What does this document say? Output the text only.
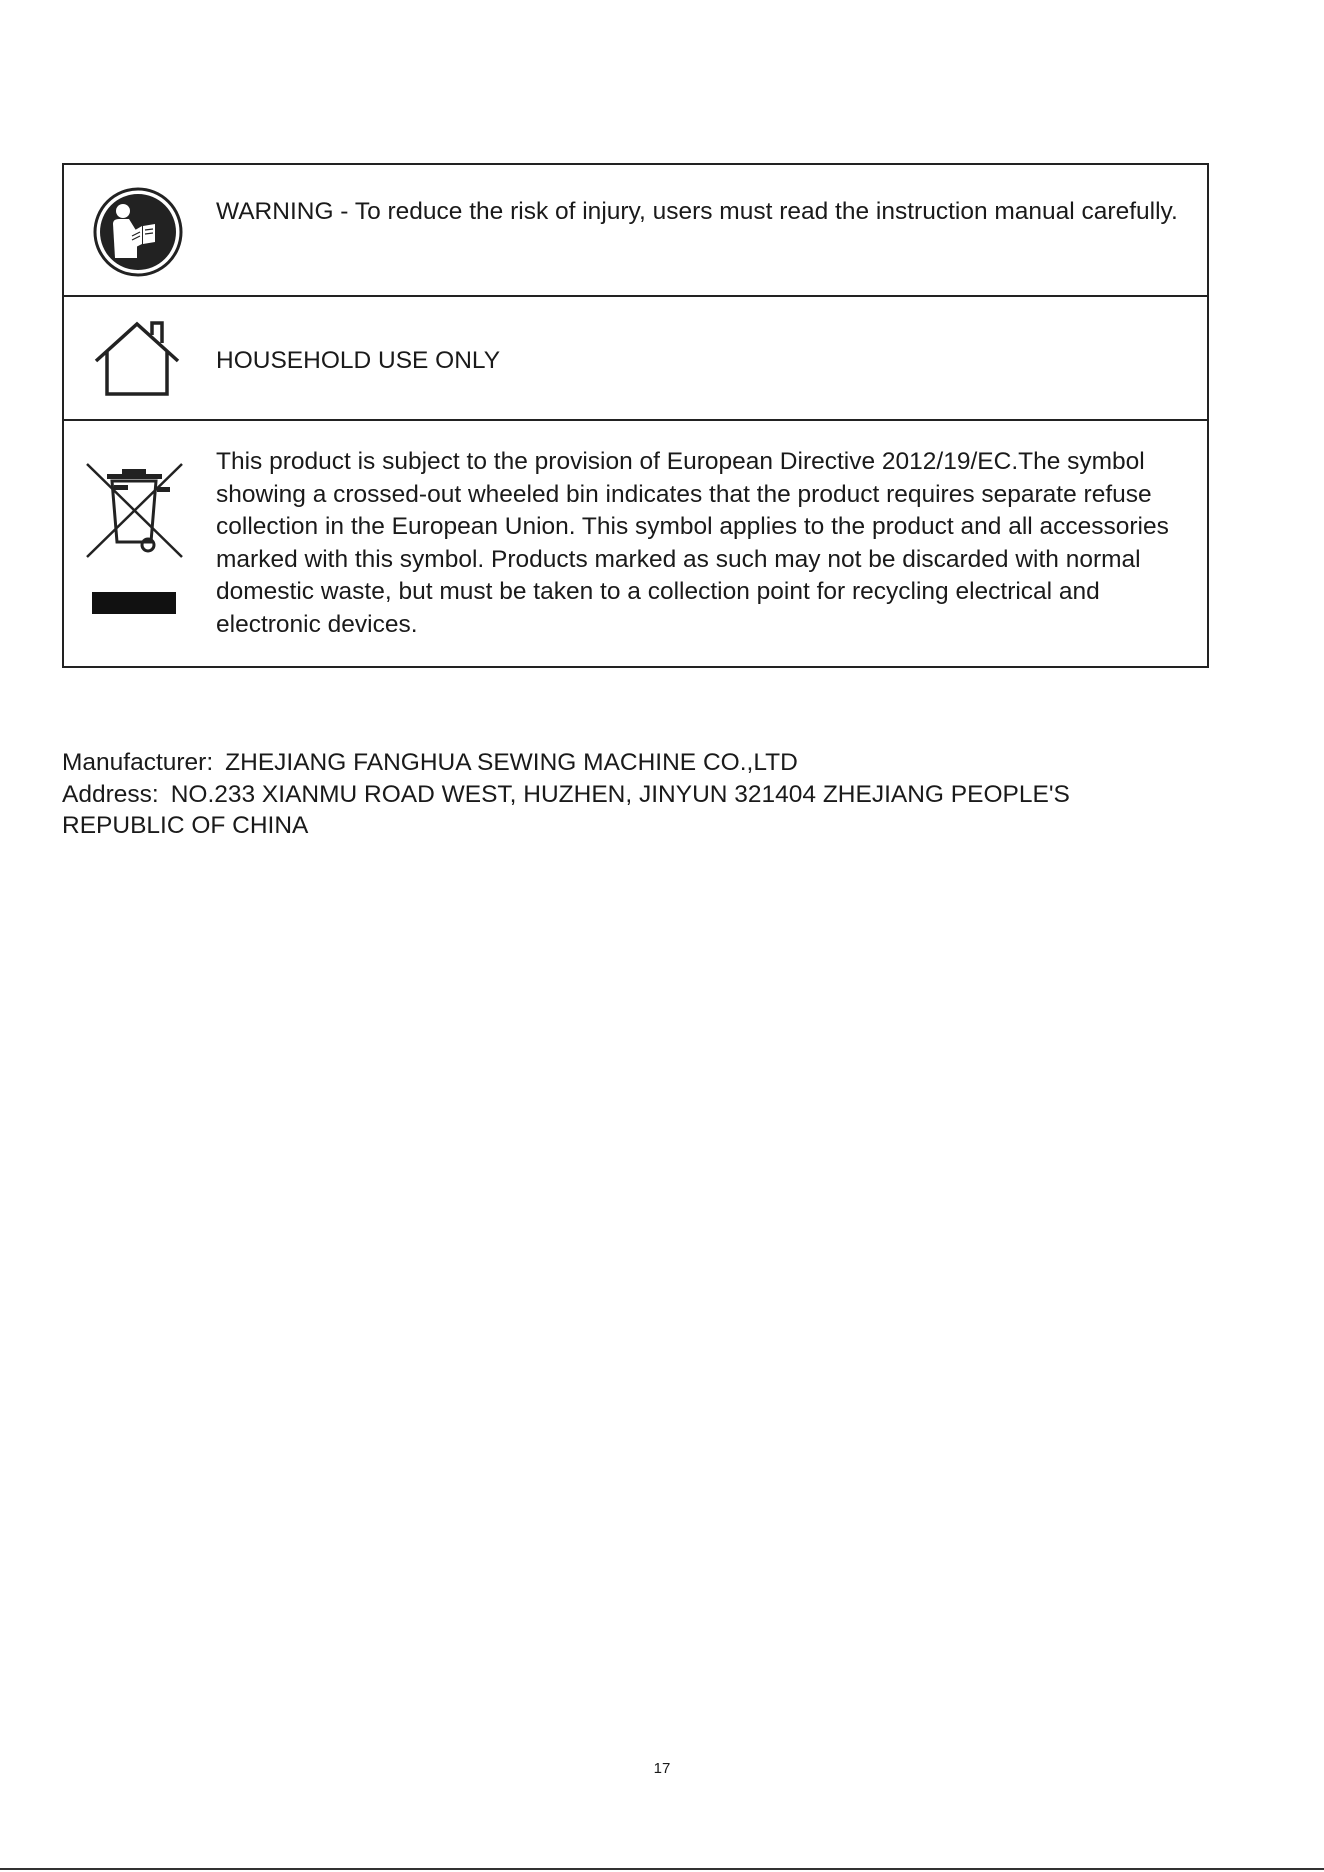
WARNING - To reduce the risk of injury, users must read the instruction manual carefully.
HOUSEHOLD USE ONLY

This product is subject to the provision of European Directive 2012/19/EC.The symbol showing a crossed-out wheeled bin indicates that the product requires separate refuse collection in the European Union. This symbol applies to the product and all accessories marked with this symbol. Products marked as such may not be discarded with normal domestic waste, but must be taken to a collection point for recycling electrical and electronic devices.

Manufacturer: ZHEJIANG FANGHUA SEWING MACHINE CO.,LTD
Address: NO.233 XIANMU ROAD WEST, HUZHEN, JINYUN 321404 ZHEJIANG PEOPLE'S
REPUBLIC OF CHINA
17
